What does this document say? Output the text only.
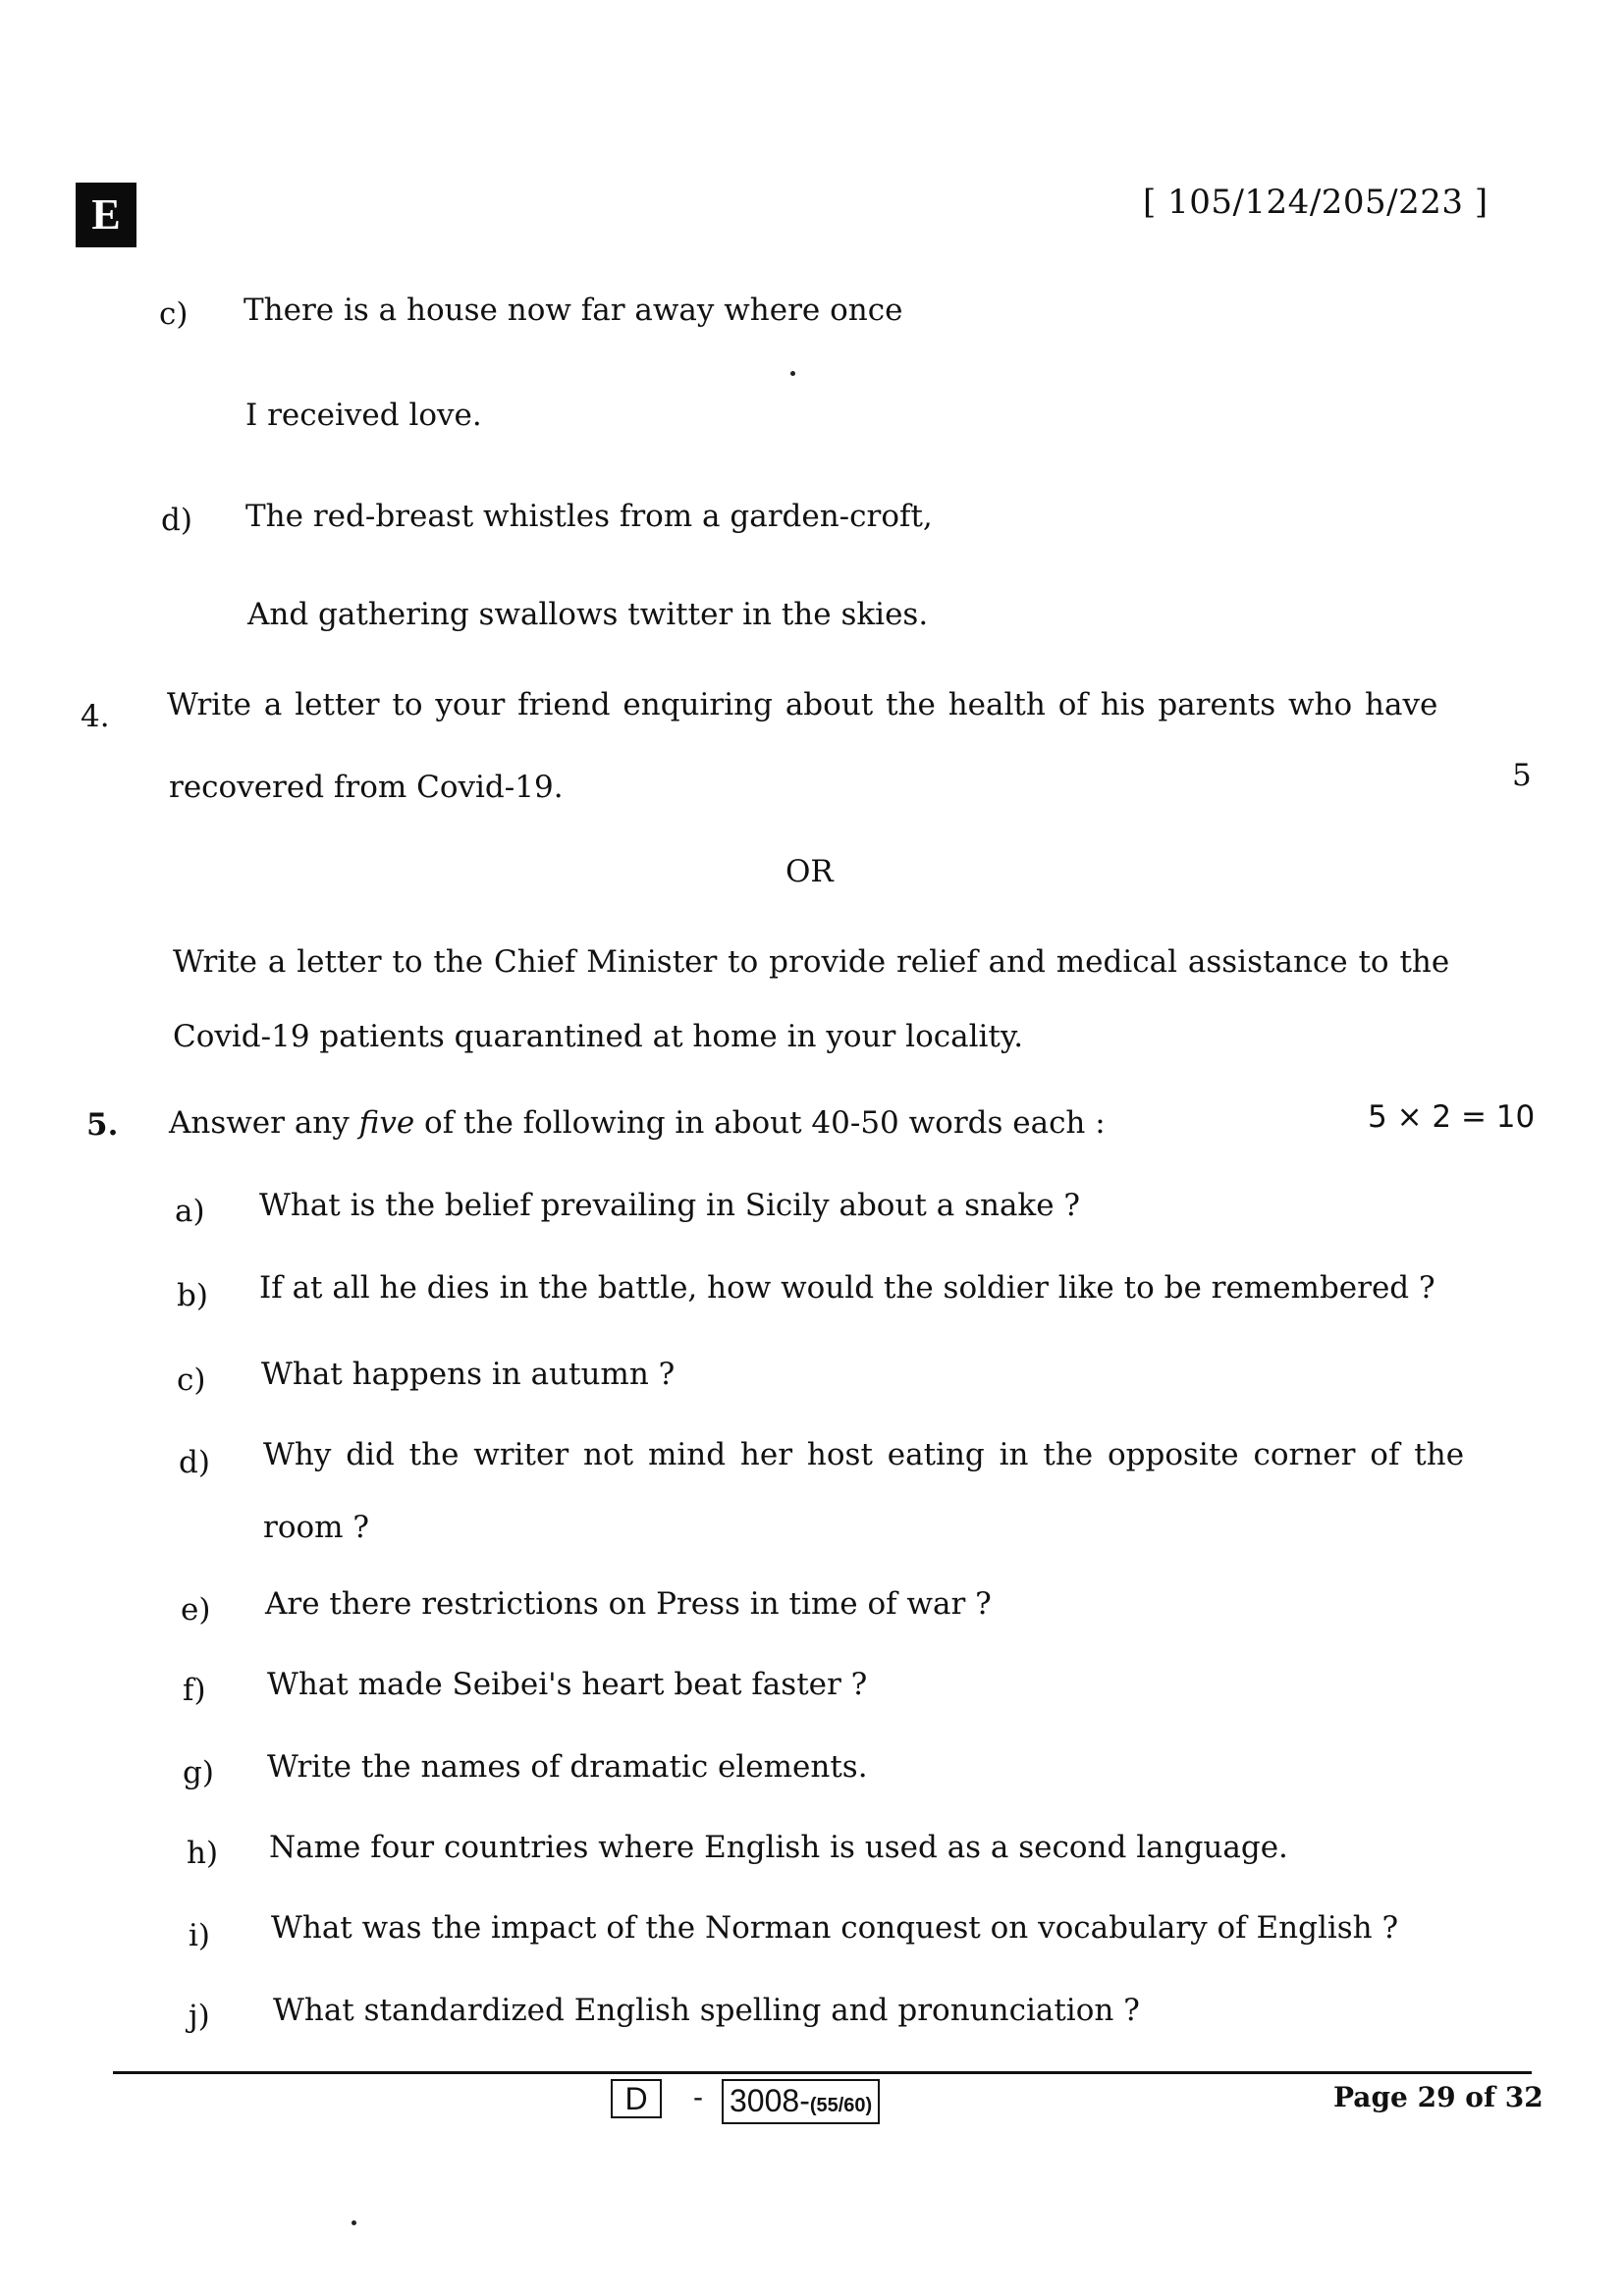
E	[ 105/124/205/223 ]
c) There is a house now far away where once
I received love.
d) The red-breast whistles from a garden-croft,
And gathering swallows twitter in the skies.
4. Write a letter to your friend enquiring about the health of his parents who have
recovered from Covid-19.	5
OR
Write a letter to the Chief Minister to provide relief and medical assistance to the
Covid-19 patients quarantined at home in your locality.
5. Answer any five of the following in about 40-50 words each :	5 × 2 = 10
a) What is the belief prevailing in Sicily about a snake ?
b) If at all he dies in the battle, how would the soldier like to be remembered ?
c) What happens in autumn ?
d) Why did the writer not mind her host eating in the opposite corner of the
room ?
e) Are there restrictions on Press in time of war ?
f) What made Seibei's heart beat faster ?
g) Write the names of dramatic elements.
h) Name four countries where English is used as a second language.
i) What was the impact of the Norman conquest on vocabulary of English ?
j) What standardized English spelling and pronunciation ?
D	- 3008-(55/60)	Page 29 of 32
